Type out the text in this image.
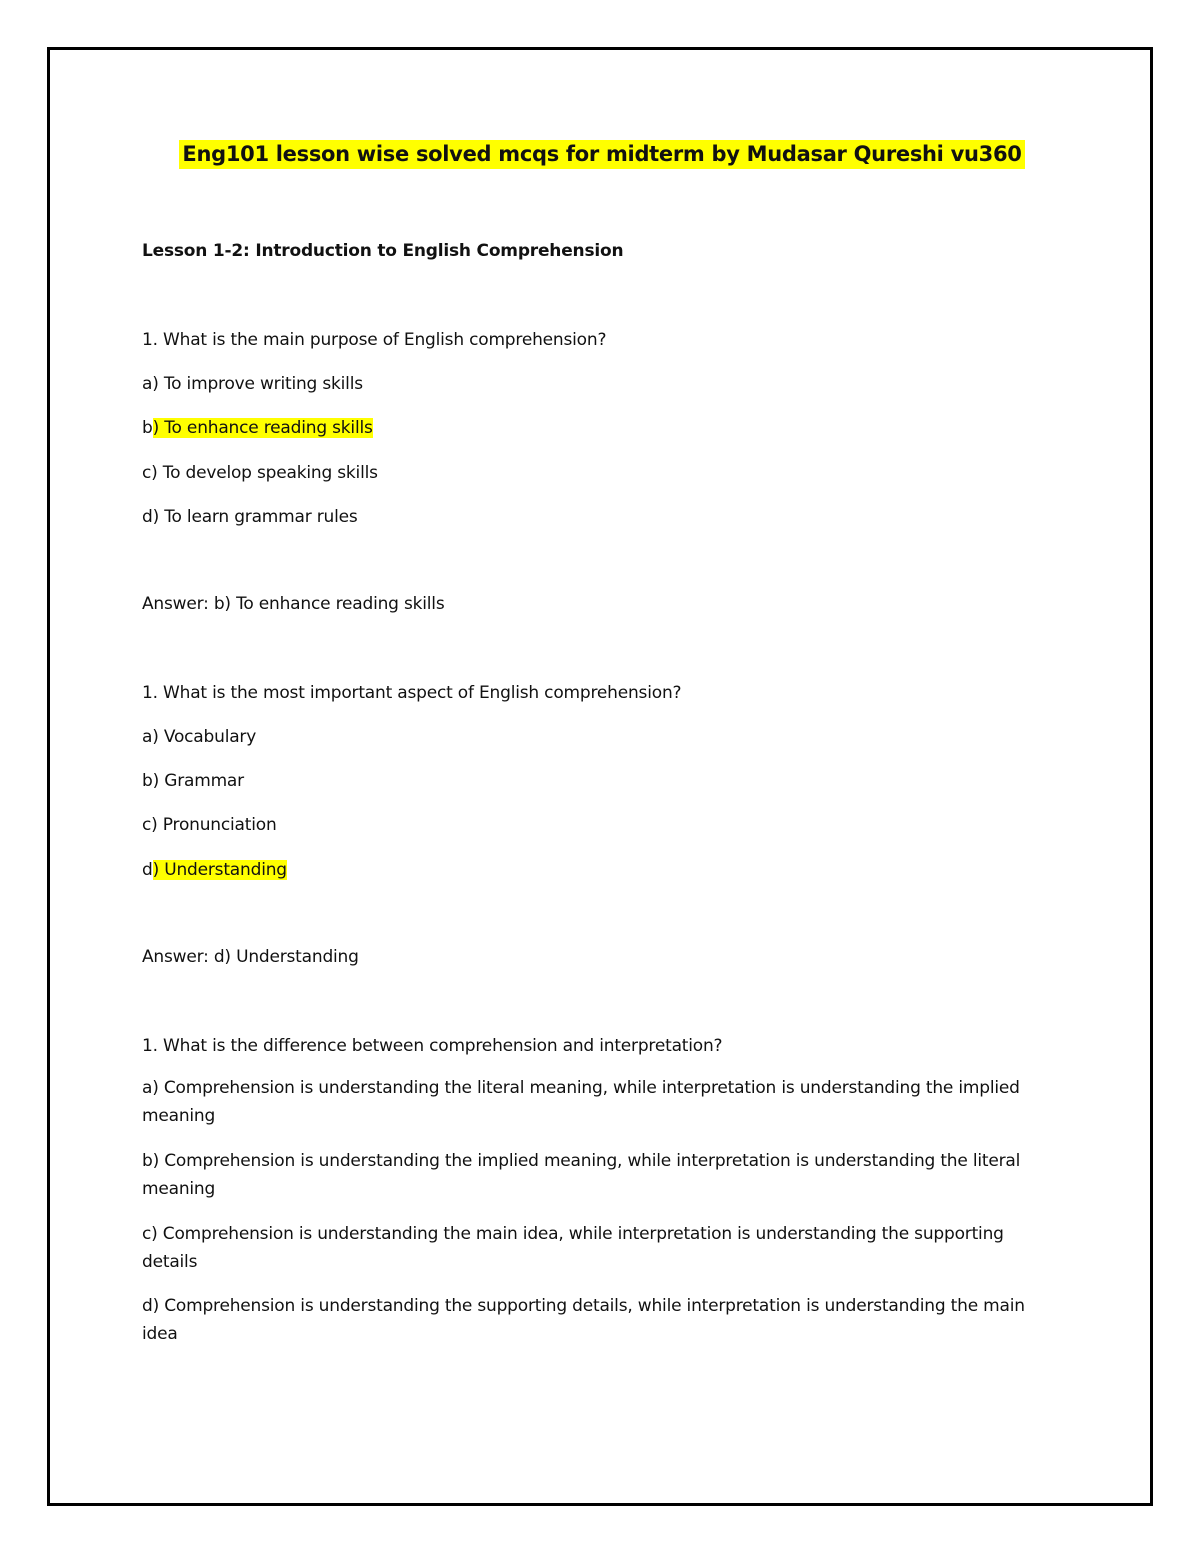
Eng101 lesson wise solved mcqs for midterm by Mudasar Qureshi vu360
Lesson 1-2: Introduction to English Comprehension
1. What is the main purpose of English comprehension?
a) To improve writing skills
b) To enhance reading skills
c) To develop speaking skills
d) To learn grammar rules
Answer: b) To enhance reading skills
1. What is the most important aspect of English comprehension?
a) Vocabulary
b) Grammar
c) Pronunciation
d) Understanding
Answer: d) Understanding
1. What is the difference between comprehension and interpretation?
a) Comprehension is understanding the literal meaning, while interpretation is understanding the implied meaning
b) Comprehension is understanding the implied meaning, while interpretation is understanding the literal meaning
c) Comprehension is understanding the main idea, while interpretation is understanding the supporting details
d) Comprehension is understanding the supporting details, while interpretation is understanding the main idea
